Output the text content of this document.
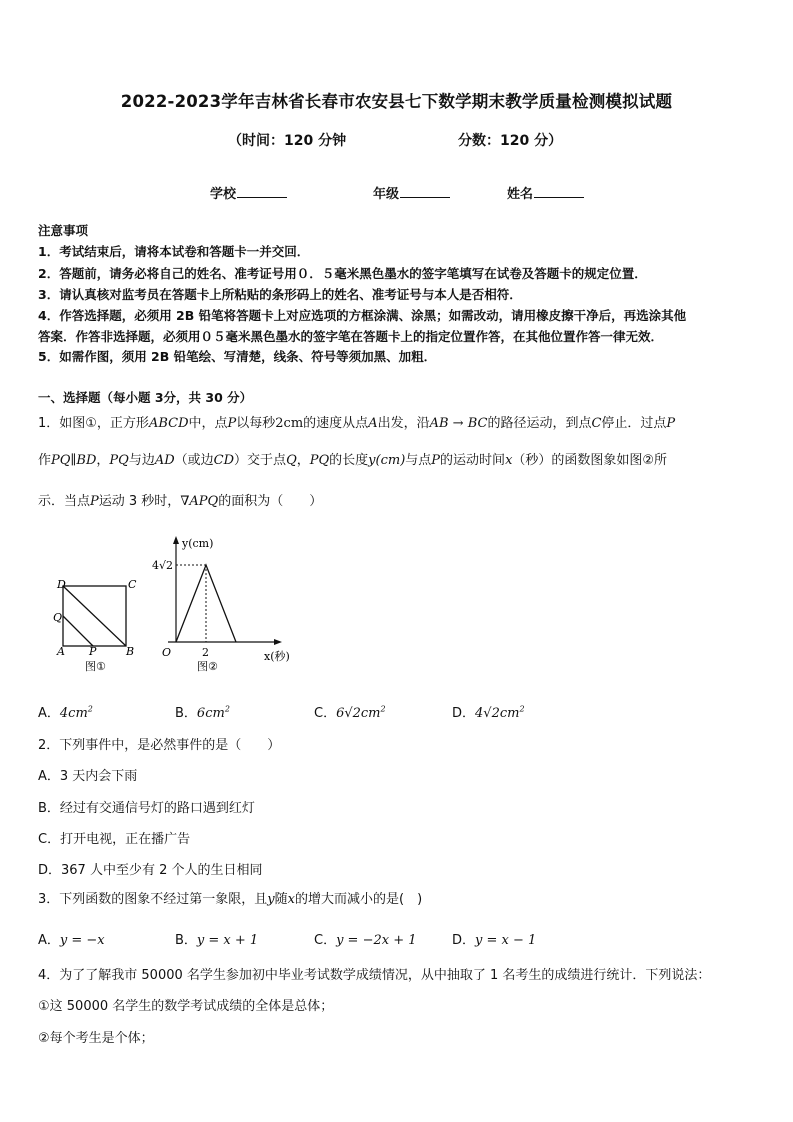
2022-2023学年吉林省长春市农安县七下数学期末教学质量检测模拟试题
（时间：120 分钟	分数：120 分）
学校	年级	姓名
注意事项
1．考试结束后，请将本试卷和答题卡一并交回．
2．答题前，请务必将自己的姓名、准考证号用０．５毫米黑色墨水的签字笔填写在试卷及答题卡的规定位置．
3．请认真核对监考员在答题卡上所粘贴的条形码上的姓名、准考证号与本人是否相符．
4．作答选择题，必须用 2B 铅笔将答题卡上对应选项的方框涂满、涂黑；如需改动，请用橡皮擦干净后，再选涂其他
答案．作答非选择题，必须用０５毫米黑色墨水的签字笔在答题卡上的指定位置作答，在其他位置作答一律无效．
5．如需作图，须用 2B 铅笔绘、写清楚，线条、符号等须加黑、加粗．
一、选择题（每小题 3分，共 30 分）
1．如图①，正方形ABCD中，点P以每秒2cm的速度从点A出发，沿AB → BC的路径运动，到点C停止．过点P
作PQ∥BD，PQ与边AD（或边CD）交于点Q，PQ的长度y(cm)与点P的运动时间x（秒）的函数图象如图②所
示．当点P运动 3 秒时，∇APQ的面积为（　　）
D	C
Q
A P	B
图①
y(cm)
4√2
2
O	x(秒)
图②
A．$4cm^2$	B．$6cm^2$	C．$6√2cm^2$	D．$4√2cm^2$
2．下列事件中，是必然事件的是（　　）
A．3 天内会下雨
B．经过有交通信号灯的路口遇到红灯
C．打开电视，正在播广告
D．367 人中至少有 2 个人的生日相同
3．下列函数的图象不经过第一象限，且y随x的增大而减小的是(　)
A．y = −x	B．y = x + 1	C．y = −2x + 1	D．y = x − 1
4．为了了解我市 50000 名学生参加初中毕业考试数学成绩情况，从中抽取了 1 名考生的成绩进行统计．下列说法：
①这 50000 名学生的数学考试成绩的全体是总体；
②每个考生是个体；
